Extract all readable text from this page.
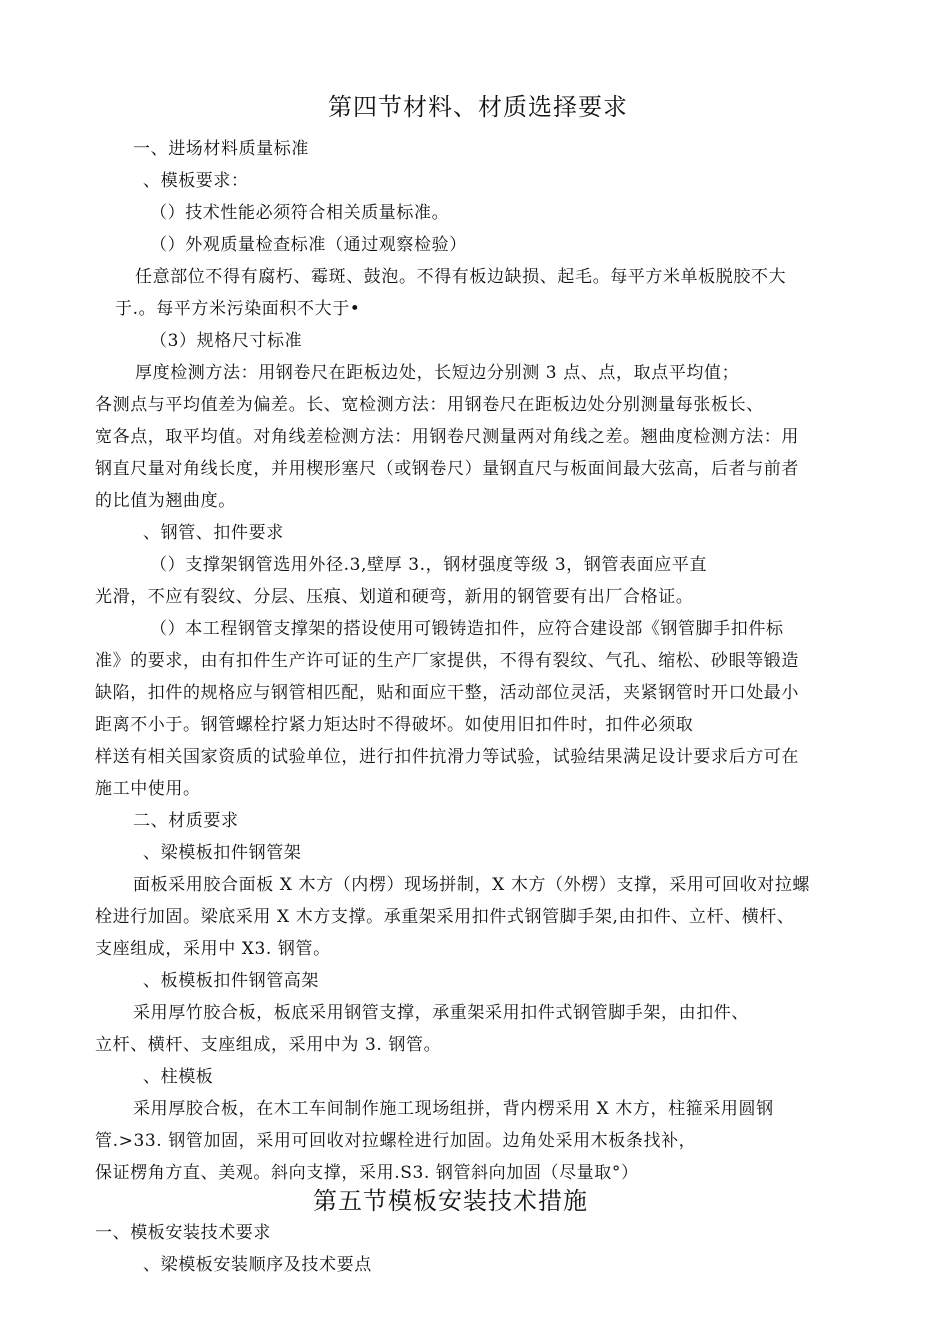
第四节材料、材质选择要求
一、进场材料质量标准
、模板要求：
（）技术性能必须符合相关质量标准。
（）外观质量检查标准（通过观察检验）
任意部位不得有腐朽、霉斑、鼓泡。不得有板边缺损、起毛。每平方米单板脱胶不大
于.。每平方米污染面积不大于•
（3）规格尺寸标准
厚度检测方法：用钢卷尺在距板边处，长短边分别测 3 点、点，取点平均值；
各测点与平均值差为偏差。长、宽检测方法：用钢卷尺在距板边处分别测量每张板长、
宽各点，取平均值。对角线差检测方法：用钢卷尺测量两对角线之差。翘曲度检测方法：用
钢直尺量对角线长度，并用楔形塞尺（或钢卷尺）量钢直尺与板面间最大弦高，后者与前者
的比值为翘曲度。
、钢管、扣件要求
（）支撑架钢管选用外径.3,壁厚 3.，钢材强度等级 3，钢管表面应平直
光滑，不应有裂纹、分层、压痕、划道和硬弯，新用的钢管要有出厂合格证。
（）本工程钢管支撑架的搭设使用可锻铸造扣件，应符合建设部《钢管脚手扣件标
准》的要求，由有扣件生产许可证的生产厂家提供，不得有裂纹、气孔、缩松、砂眼等锻造
缺陷，扣件的规格应与钢管相匹配，贴和面应干整，活动部位灵活，夹紧钢管时开口处最小
距离不小于。钢管螺栓拧紧力矩达时不得破坏。如使用旧扣件时，扣件必须取
样送有相关国家资质的试验单位，进行扣件抗滑力等试验，试验结果满足设计要求后方可在
施工中使用。
二、材质要求
、梁模板扣件钢管架
面板采用胶合面板 X 木方（内楞）现场拼制，X 木方（外楞）支撑，采用可回收对拉螺
栓进行加固。梁底采用 X 木方支撑。承重架采用扣件式钢管脚手架,由扣件、立杆、横杆、
支座组成，采用中 X3. 钢管。
、板模板扣件钢管高架
采用厚竹胶合板，板底采用钢管支撑，承重架采用扣件式钢管脚手架，由扣件、
立杆、横杆、支座组成，采用中为 3. 钢管。
、柱模板
采用厚胶合板，在木工车间制作施工现场组拼，背内楞采用 X 木方，柱箍采用圆钢
管.>33. 钢管加固，采用可回收对拉螺栓进行加固。边角处采用木板条找补，
保证楞角方直、美观。斜向支撑，采用.S3. 钢管斜向加固（尽量取°）
第五节模板安装技术措施
一、模板安装技术要求
、梁模板安装顺序及技术要点
